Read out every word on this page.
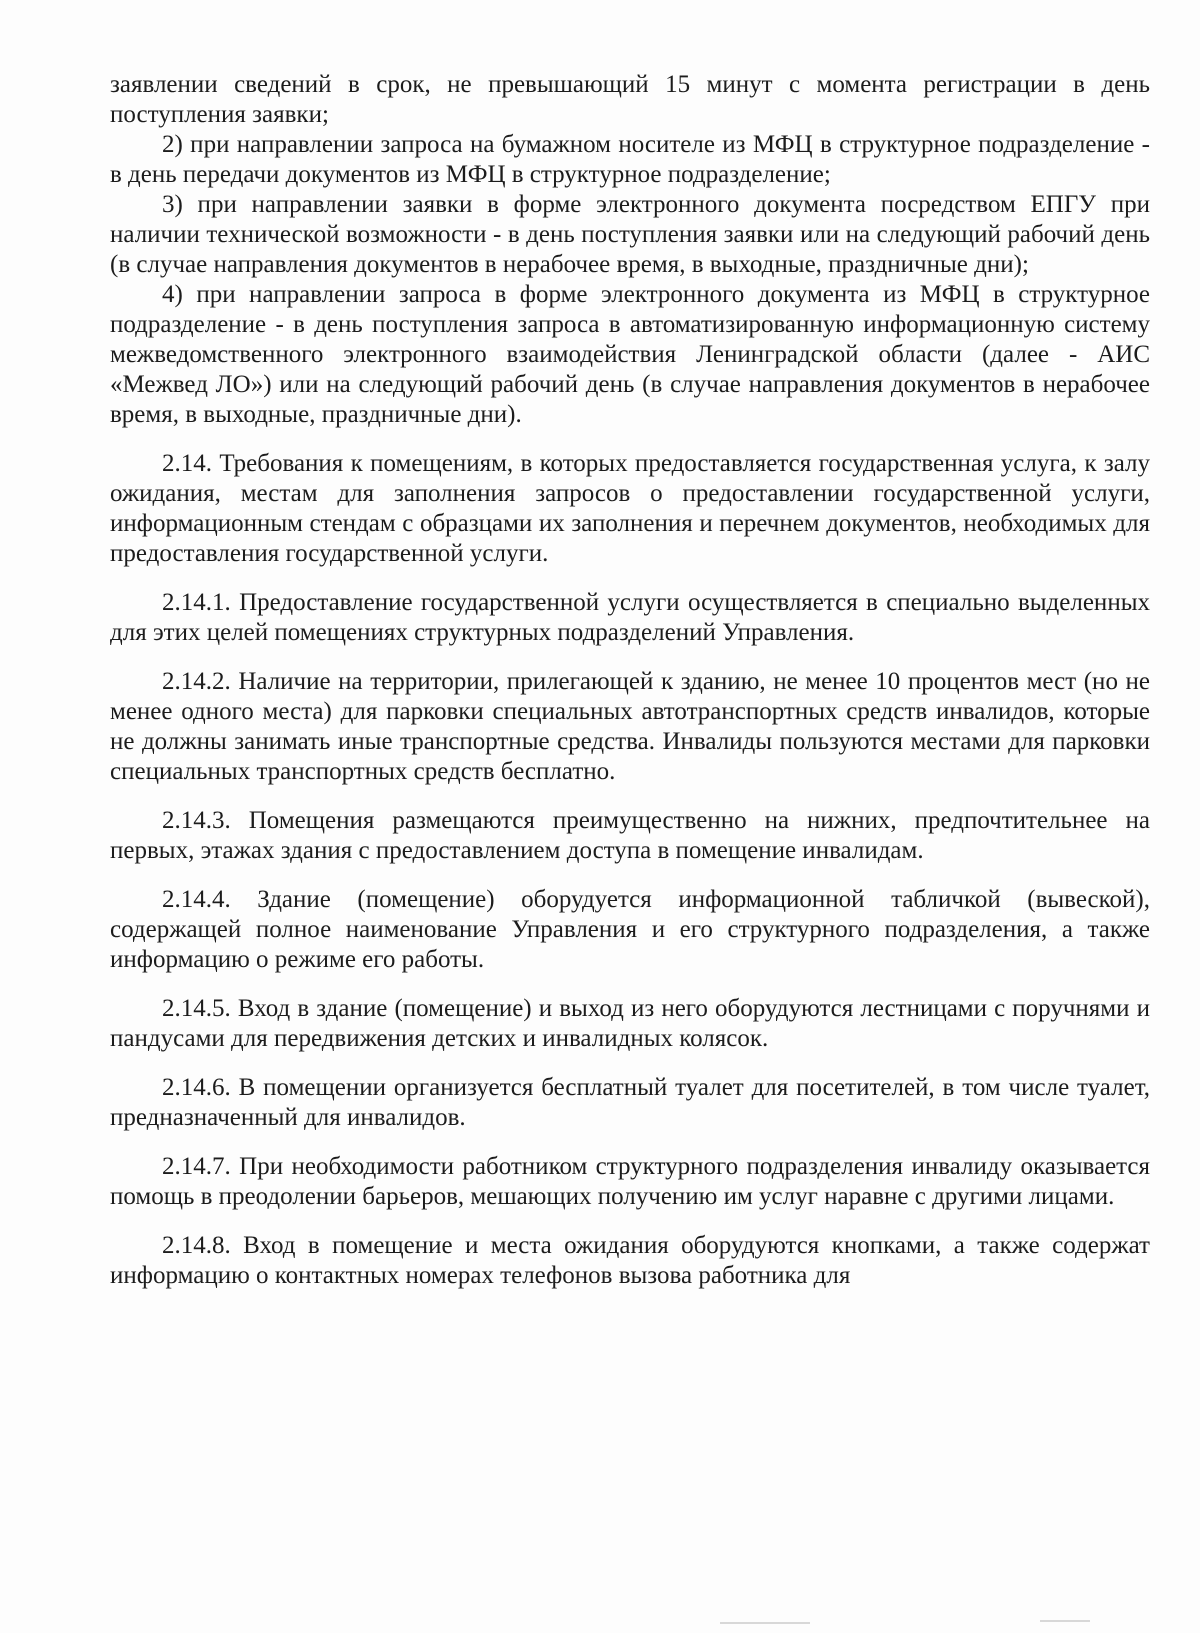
заявлении сведений в срок, не превышающий 15 минут с момента регистрации в день поступления заявки;

2) при направлении запроса на бумажном носителе из МФЦ в структурное подразделение - в день передачи документов из МФЦ в структурное подразделение;

3) при направлении заявки в форме электронного документа посредством ЕПГУ при наличии технической возможности - в день поступления заявки или на следующий рабочий день (в случае направления документов в нерабочее время, в выходные, праздничные дни);

4) при направлении запроса в форме электронного документа из МФЦ в структурное подразделение - в день поступления запроса в автоматизированную информационную систему межведомственного электронного взаимодействия Ленинградской области (далее - АИС «Межвед ЛО») или на следующий рабочий день (в случае направления документов в нерабочее время, в выходные, праздничные дни).

2.14. Требования к помещениям, в которых предоставляется государственная услуга, к залу ожидания, местам для заполнения запросов о предоставлении государственной услуги, информационным стендам с образцами их заполнения и перечнем документов, необходимых для предоставления государственной услуги.

2.14.1. Предоставление государственной услуги осуществляется в специально выделенных для этих целей помещениях структурных подразделений Управления.

2.14.2. Наличие на территории, прилегающей к зданию, не менее 10 процентов мест (но не менее одного места) для парковки специальных автотранспортных средств инвалидов, которые не должны занимать иные транспортные средства. Инвалиды пользуются местами для парковки специальных транспортных средств бесплатно.

2.14.3. Помещения размещаются преимущественно на нижних, предпочтительнее на первых, этажах здания с предоставлением доступа в помещение инвалидам.

2.14.4. Здание (помещение) оборудуется информационной табличкой (вывеской), содержащей полное наименование Управления и его структурного подразделения, а также информацию о режиме его работы.

2.14.5. Вход в здание (помещение) и выход из него оборудуются лестницами с поручнями и пандусами для передвижения детских и инвалидных колясок.

2.14.6. В помещении организуется бесплатный туалет для посетителей, в том числе туалет, предназначенный для инвалидов.

2.14.7. При необходимости работником структурного подразделения инвалиду оказывается помощь в преодолении барьеров, мешающих получению им услуг наравне с другими лицами.

2.14.8. Вход в помещение и места ожидания оборудуются кнопками, а также содержат информацию о контактных номерах телефонов вызова работника для
